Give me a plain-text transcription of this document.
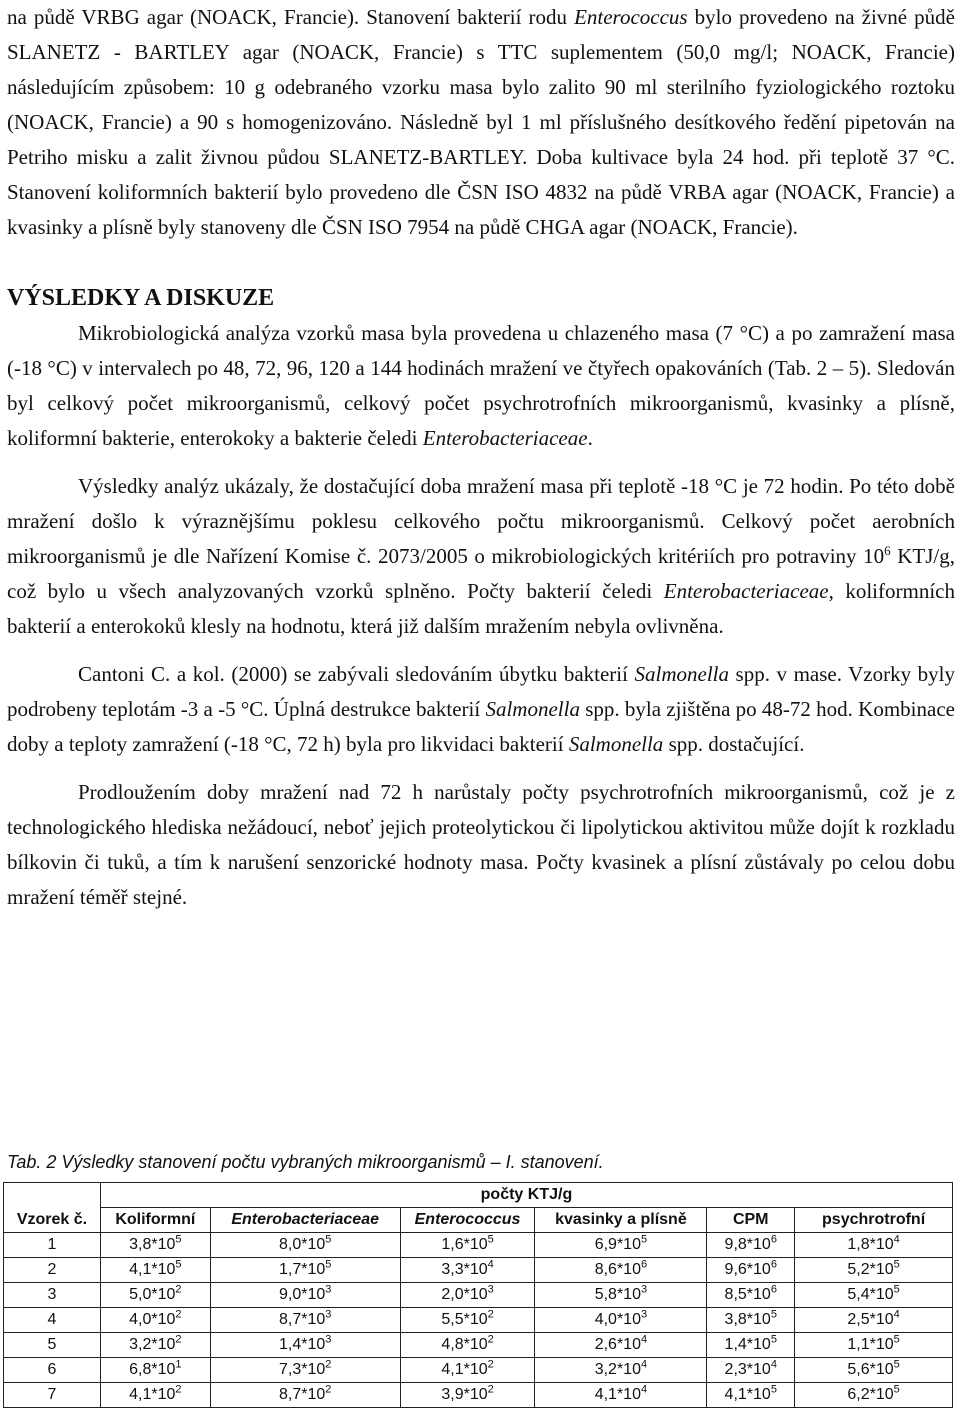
na půdě VRBG agar (NOACK, Francie). Stanovení bakterií rodu Enterococcus bylo provedeno na živné půdě SLANETZ - BARTLEY agar (NOACK, Francie) s TTC suplementem (50,0 mg/l; NOACK, Francie) následujícím způsobem: 10 g odebraného vzorku masa bylo zalito 90 ml sterilního fyziologického roztoku (NOACK, Francie) a 90 s homogenizováno. Následně byl 1 ml příslušného desítkového ředění pipetován na Petriho misku a zalit živnou půdou SLANETZ-BARTLEY. Doba kultivace byla 24 hod. při teplotě 37 °C. Stanovení koliformních bakterií bylo provedeno dle ČSN ISO 4832 na půdě VRBA agar (NOACK, Francie) a kvasinky a plísně byly stanoveny dle ČSN ISO 7954 na půdě CHGA agar (NOACK, Francie).

VÝSLEDKY A DISKUZE

Mikrobiologická analýza vzorků masa byla provedena u chlazeného masa (7 °C) a po zamražení masa (-18 °C) v intervalech po 48, 72, 96, 120 a 144 hodinách mražení ve čtyřech opakováních (Tab. 2 – 5). Sledován byl celkový počet mikroorganismů, celkový počet psychrotrofních mikroorganismů, kvasinky a plísně, koliformní bakterie, enterokoky a bakterie čeledi Enterobacteriaceae.

Výsledky analýz ukázaly, že dostačující doba mražení masa při teplotě -18 °C je 72 hodin. Po této době mražení došlo k výraznějšímu poklesu celkového počtu mikroorganismů. Celkový počet aerobních mikroorganismů je dle Nařízení Komise č. 2073/2005 o mikrobiologických kritériích pro potraviny $10^6$ KTJ/g, což bylo u všech analyzovaných vzorků splněno. Počty bakterií čeledi Enterobacteriaceae, koliformních bakterií a enterokoků klesly na hodnotu, která již dalším mražením nebyla ovlivněna.

Cantoni C. a kol. (2000) se zabývali sledováním úbytku bakterií Salmonella spp. v mase. Vzorky byly podrobeny teplotám -3 a -5 °C. Úplná destrukce bakterií Salmonella spp. byla zjištěna po 48-72 hod. Kombinace doby a teploty zamražení (-18 °C, 72 h) byla pro likvidaci bakterií Salmonella spp. dostačující.

Prodloužením doby mražení nad 72 h narůstaly počty psychrotrofních mikroorganismů, což je z technologického hlediska nežádoucí, neboť jejich proteolytickou či lipolytickou aktivitou může dojít k rozkladu bílkovin či tuků, a tím k narušení senzorické hodnoty masa. Počty kvasinek a plísní zůstávaly po celou dobu mražení téměř stejné.

Tab. 2 Výsledky stanovení počtu vybraných mikroorganismů – I. stanovení.
	počty KTJ/g					
Vzorek č.	Koliformní	Enterobacteriaceae	Enterococcus	kvasinky a plísně	CPM	psychrotrofní
1	$3,8*10^5$	$8,0*10^5$	$1,6*10^5$	$6,9*10^5$	$9,8*10^6$	$1,8*10^4$
2	$4,1*10^5$	$1,7*10^5$	$3,3*10^4$	$8,6*10^6$	$9,6*10^6$	$5,2*10^5$
3	$5,0*10^2$	$9,0*10^3$	$2,0*10^3$	$5,8*10^3$	$8,5*10^6$	$5,4*10^5$
4	$4,0*10^2$	$8,7*10^3$	$5,5*10^2$	$4,0*10^3$	$3,8*10^5$	$2,5*10^4$
5	$3,2*10^2$	$1,4*10^3$	$4,8*10^2$	$2,6*10^4$	$1,4*10^5$	$1,1*10^5$
6	$6,8*10^1$	$7,3*10^2$	$4,1*10^2$	$3,2*10^4$	$2,3*10^4$	$5,6*10^5$
7	$4,1*10^2$	$8,7*10^2$	$3,9*10^2$	$4,1*10^4$	$4,1*10^5$	$6,2*10^5$
